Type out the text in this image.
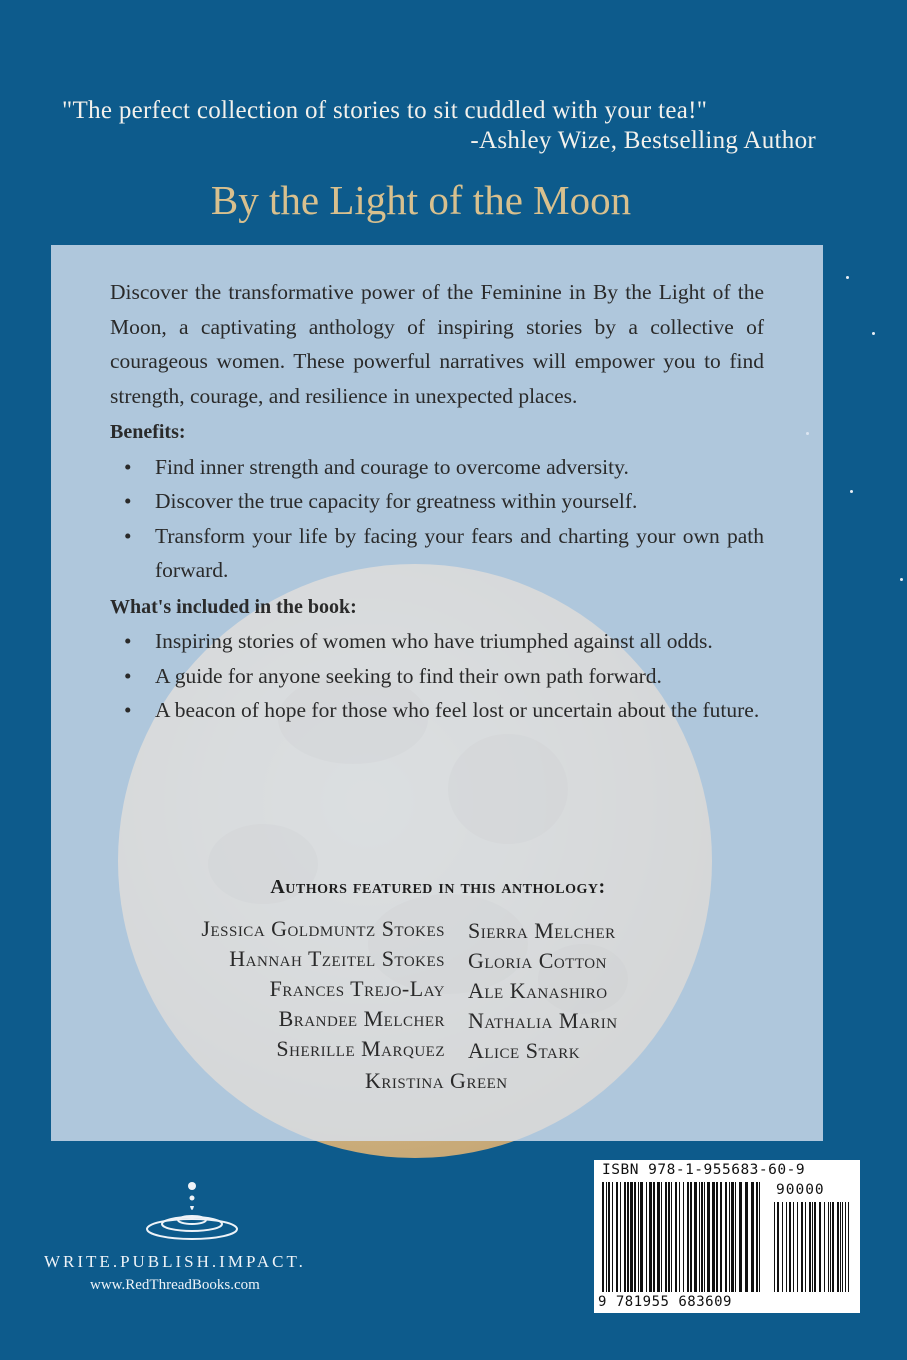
"The perfect collection of stories to sit cuddled with your tea!"
-Ashley Wize, Bestselling Author
By the Light of the Moon

Discover the transformative power of the Feminine in By the Light of the Moon, a captivating anthology of inspiring stories by a collective of courageous women. These powerful narratives will empower you to find strength, courage, and resilience in unexpected places.

Benefits:

• Find inner strength and courage to overcome adversity.
• Discover the true capacity for greatness within yourself.
• Transform your life by facing your fears and charting your own path forward.

What's included in the book:

• Inspiring stories of women who have triumphed against all odds.
• A guide for anyone seeking to find their own path forward.
• A beacon of hope for those who feel lost or uncertain about the future.
Authors featured in this anthology:
Jessica Goldmuntz Stokes
Hannah Tzeitel Stokes
Frances Trejo-Lay
Brandee Melcher
Sherille Marquez
Sierra Melcher
Gloria Cotton
Ale Kanashiro
Nathalia Marin
Alice Stark
Kristina Green
WRITE.PUBLISH.IMPACT.
www.RedThreadBooks.com
ISBN 978-1-955683-60-9
90000
9 781955 683609
